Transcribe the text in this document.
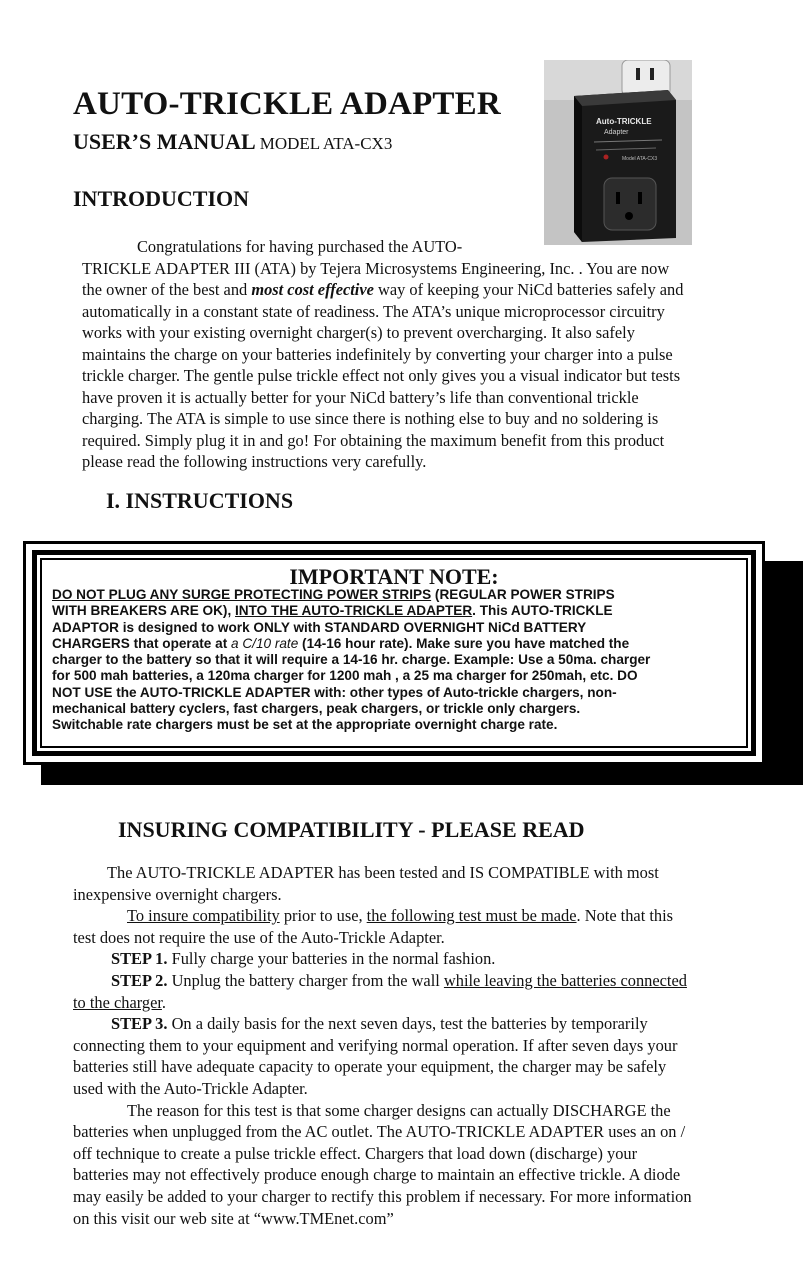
AUTO-TRICKLE ADAPTER
USER’S MANUAL MODEL ATA-CX3
Auto-TRICKLE
Adapter
Model ATA-CX3
INTRODUCTION
Congratulations for having purchased the AUTO-
TRICKLE ADAPTER III (ATA) by Tejera Microsystems Engineering, Inc. . You are now
the owner of the best and most cost effective way of keeping your NiCd batteries safely and
automatically in a constant state of readiness. The ATA’s unique microprocessor circuitry
works with your existing overnight charger(s) to prevent overcharging. It also safely
maintains the charge on your batteries indefinitely by converting your charger into a pulse
trickle charger. The gentle pulse trickle effect not only gives you a visual indicator but tests
have proven it is actually better for your NiCd battery’s life than conventional trickle
charging. The ATA is simple to use since there is nothing else to buy and no soldering is
required. Simply plug it in and go! For obtaining the maximum benefit from this product
please read the following instructions very carefully.
I. INSTRUCTIONS
IMPORTANT NOTE:
DO NOT PLUG ANY SURGE PROTECTING POWER STRIPS (REGULAR POWER STRIPS
WITH BREAKERS ARE OK), INTO THE AUTO-TRICKLE ADAPTER. This AUTO-TRICKLE
ADAPTOR is designed to work ONLY with STANDARD OVERNIGHT NiCd BATTERY
CHARGERS that operate at a C/10 rate (14-16 hour rate). Make sure you have matched the
charger to the battery so that it will require a 14-16 hr. charge. Example: Use a 50ma. charger
for 500 mah batteries, a 120ma charger for 1200 mah , a 25 ma charger for 250mah, etc. DO
NOT USE the AUTO-TRICKLE ADAPTER with: other types of Auto-trickle chargers, non-
mechanical battery cyclers, fast chargers, peak chargers, or trickle only chargers.
Switchable rate chargers must be set at the appropriate overnight charge rate.
INSURING COMPATIBILITY - PLEASE READ
The AUTO-TRICKLE ADAPTER has been tested and IS COMPATIBLE with most
inexpensive overnight chargers.
To insure compatibility prior to use, the following test must be made. Note that this
test does not require the use of the Auto-Trickle Adapter.
STEP 1. Fully charge your batteries in the normal fashion.
STEP 2. Unplug the battery charger from the wall while leaving the batteries connected
to the charger.
STEP 3. On a daily basis for the next seven days, test the batteries by temporarily
connecting them to your equipment and verifying normal operation. If after seven days your
batteries still have adequate capacity to operate your equipment, the charger may be safely
used with the Auto-Trickle Adapter.
The reason for this test is that some charger designs can actually DISCHARGE the
batteries when unplugged from the AC outlet. The AUTO-TRICKLE ADAPTER uses an on /
off technique to create a pulse trickle effect. Chargers that load down (discharge) your
batteries may not effectively produce enough charge to maintain an effective trickle. A diode
may easily be added to your charger to rectify this problem if necessary. For more information
on this visit our web site at “www.TMEnet.com”
